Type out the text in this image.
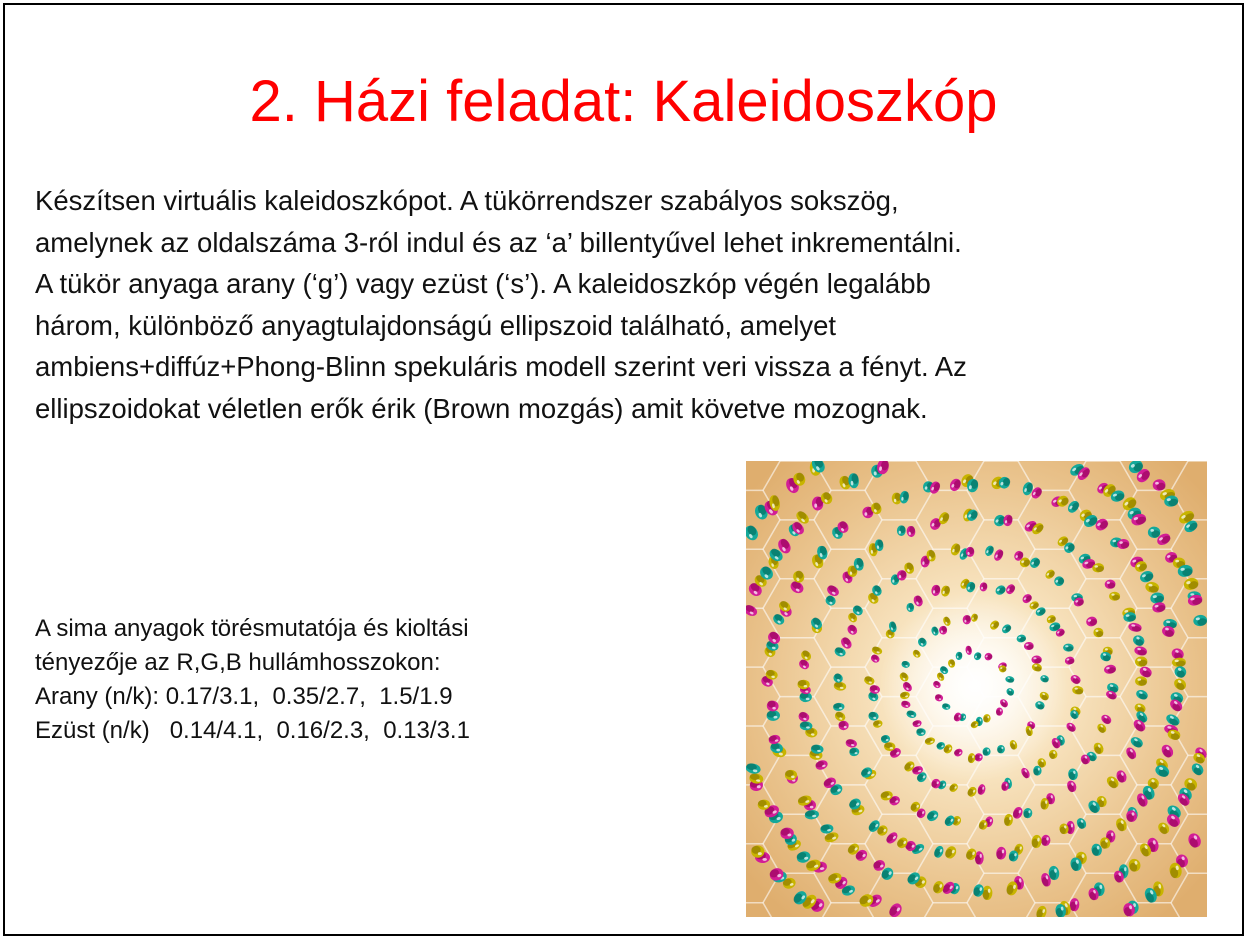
2. Házi feladat: Kaleidoszkóp
Készítsen virtuális kaleidoszkópot. A tükörrendszer szabályos sokszög,
amelynek az oldalszáma 3-ról indul és az ‘a’ billentyűvel lehet inkrementálni.
A tükör anyaga arany (‘g’) vagy ezüst (‘s’). A kaleidoszkóp végén legalább
három, különböző anyagtulajdonságú ellipszoid található, amelyet
ambiens+diffúz+Phong-Blinn spekuláris modell szerint veri vissza a fényt. Az
ellipszoidokat véletlen erők érik (Brown mozgás) amit követve mozognak.
A sima anyagok törésmutatója és kioltási
tényezője az R,G,B hullámhosszokon:
Arany (n/k): 0.17/3.1,  0.35/2.7,  1.5/1.9
Ezüst (n/k)   0.14/4.1,  0.16/2.3,  0.13/3.1
